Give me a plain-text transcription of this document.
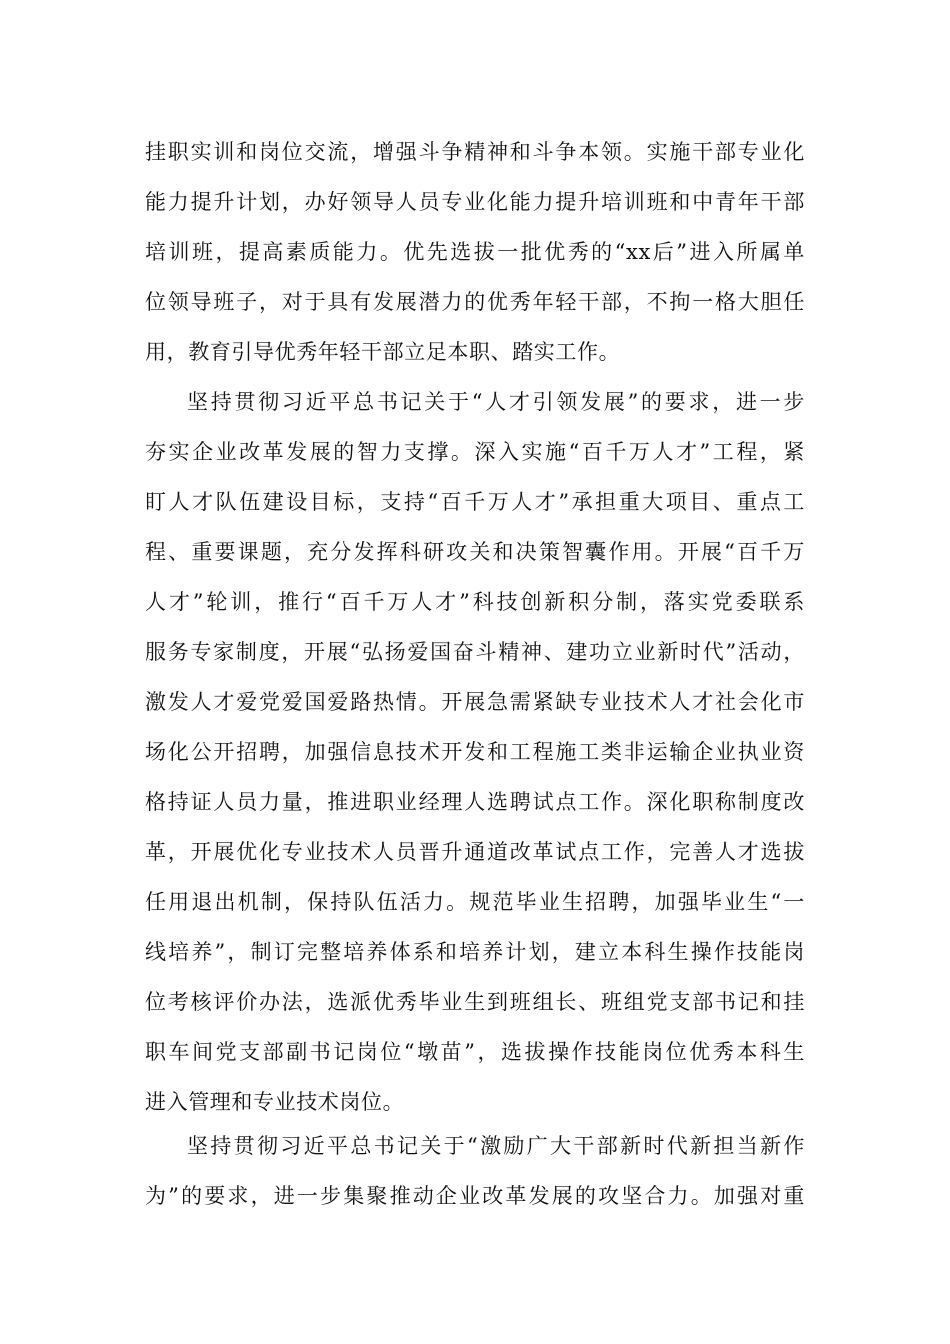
挂职实训和岗位交流，增强斗争精神和斗争本领。实施干部专业化
能力提升计划，办好领导人员专业化能力提升培训班和中青年干部
培训班，提高素质能力。优先选拔一批优秀的“xx后”进入所属单
位领导班子，对于具有发展潜力的优秀年轻干部，不拘一格大胆任
用，教育引导优秀年轻干部立足本职、踏实工作。
坚持贯彻习近平总书记关于“人才引领发展”的要求，进一步
夯实企业改革发展的智力支撑。深入实施“百千万人才”工程，紧
盯人才队伍建设目标，支持“百千万人才”承担重大项目、重点工
程、重要课题，充分发挥科研攻关和决策智囊作用。开展“百千万
人才”轮训，推行“百千万人才”科技创新积分制，落实党委联系
服务专家制度，开展“弘扬爱国奋斗精神、建功立业新时代”活动，
激发人才爱党爱国爱路热情。开展急需紧缺专业技术人才社会化市
场化公开招聘，加强信息技术开发和工程施工类非运输企业执业资
格持证人员力量，推进职业经理人选聘试点工作。深化职称制度改
革，开展优化专业技术人员晋升通道改革试点工作，完善人才选拔
任用退出机制，保持队伍活力。规范毕业生招聘，加强毕业生“一
线培养”，制订完整培养体系和培养计划，建立本科生操作技能岗
位考核评价办法，选派优秀毕业生到班组长、班组党支部书记和挂
职车间党支部副书记岗位“墩苗”，选拔操作技能岗位优秀本科生
进入管理和专业技术岗位。
坚持贯彻习近平总书记关于“激励广大干部新时代新担当新作
为”的要求，进一步集聚推动企业改革发展的攻坚合力。加强对重
